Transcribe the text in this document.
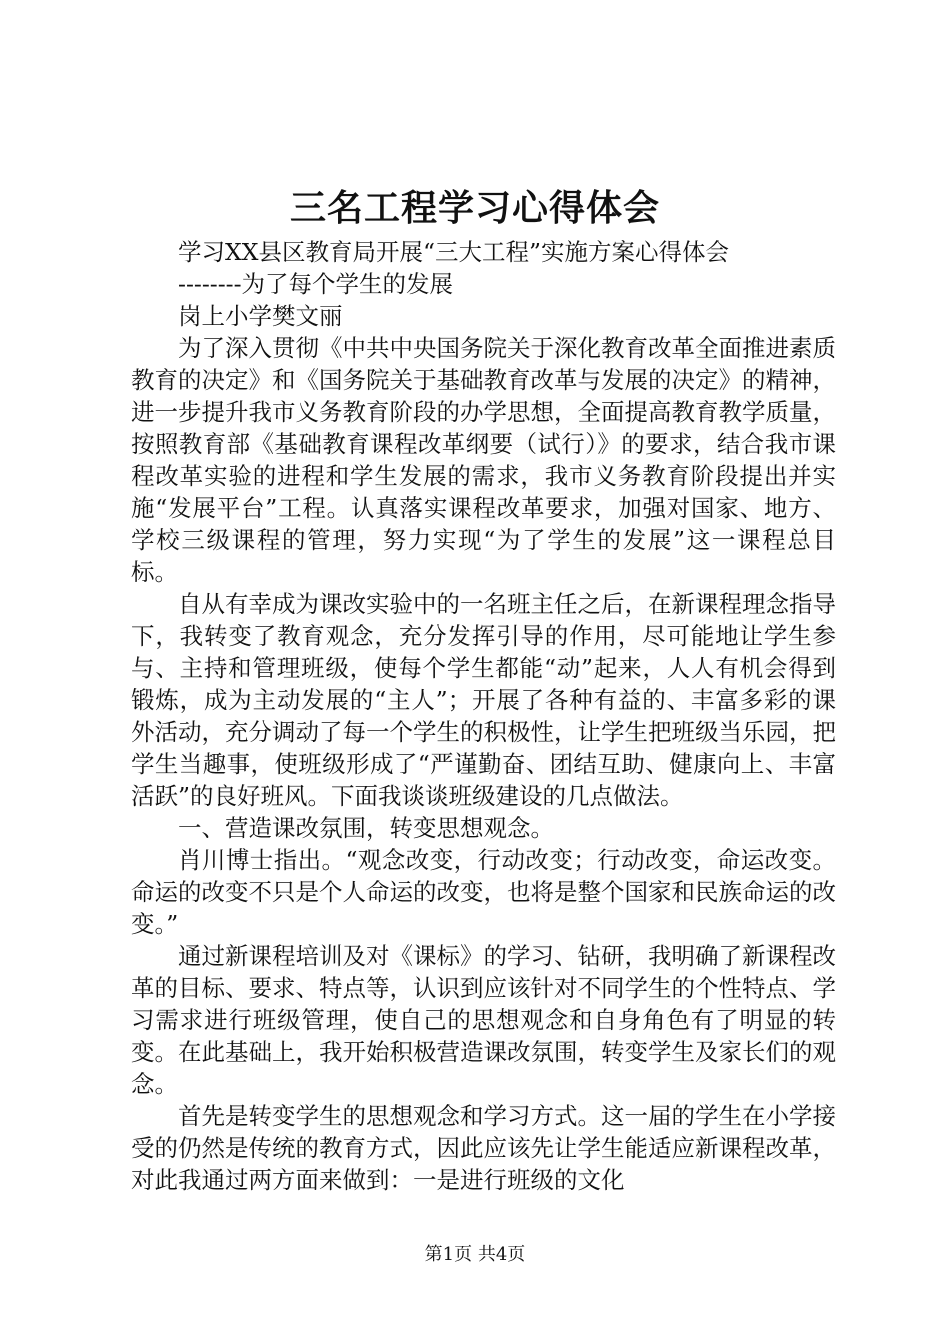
三名工程学习心得体会

学习XX县区教育局开展“三大工程”实施方案心得体会

--------为了每个学生的发展

岗上小学樊文丽

为了深入贯彻《中共中央国务院关于深化教育改革全面推进素质教育的决定》和《国务院关于基础教育改革与发展的决定》的精神，进一步提升我市义务教育阶段的办学思想，全面提高教育教学质量，按照教育部《基础教育课程改革纲要（试行）》的要求，结合我市课程改革实验的进程和学生发展的需求，我市义务教育阶段提出并实施“发展平台”工程。认真落实课程改革要求，加强对国家、地方、学校三级课程的管理，努力实现“为了学生的发展”这一课程总目标。

自从有幸成为课改实验中的一名班主任之后，在新课程理念指导下，我转变了教育观念，充分发挥引导的作用，尽可能地让学生参与、主持和管理班级，使每个学生都能“动”起来，人人有机会得到锻炼，成为主动发展的“主人”；开展了各种有益的、丰富多彩的课外活动，充分调动了每一个学生的积极性，让学生把班级当乐园，把学生当趣事，使班级形成了“严谨勤奋、团结互助、健康向上、丰富活跃”的良好班风。下面我谈谈班级建设的几点做法。

一、营造课改氛围，转变思想观念。

肖川博士指出。“观念改变，行动改变；行动改变，命运改变。命运的改变不只是个人命运的改变，也将是整个国家和民族命运的改变。”

通过新课程培训及对《课标》的学习、钻研，我明确了新课程改革的目标、要求、特点等，认识到应该针对不同学生的个性特点、学习需求进行班级管理，使自己的思想观念和自身角色有了明显的转变。在此基础上，我开始积极营造课改氛围，转变学生及家长们的观念。

首先是转变学生的思想观念和学习方式。这一届的学生在小学接受的仍然是传统的教育方式，因此应该先让学生能适应新课程改革，对此我通过两方面来做到：一是进行班级的文化

第1页 共4页
